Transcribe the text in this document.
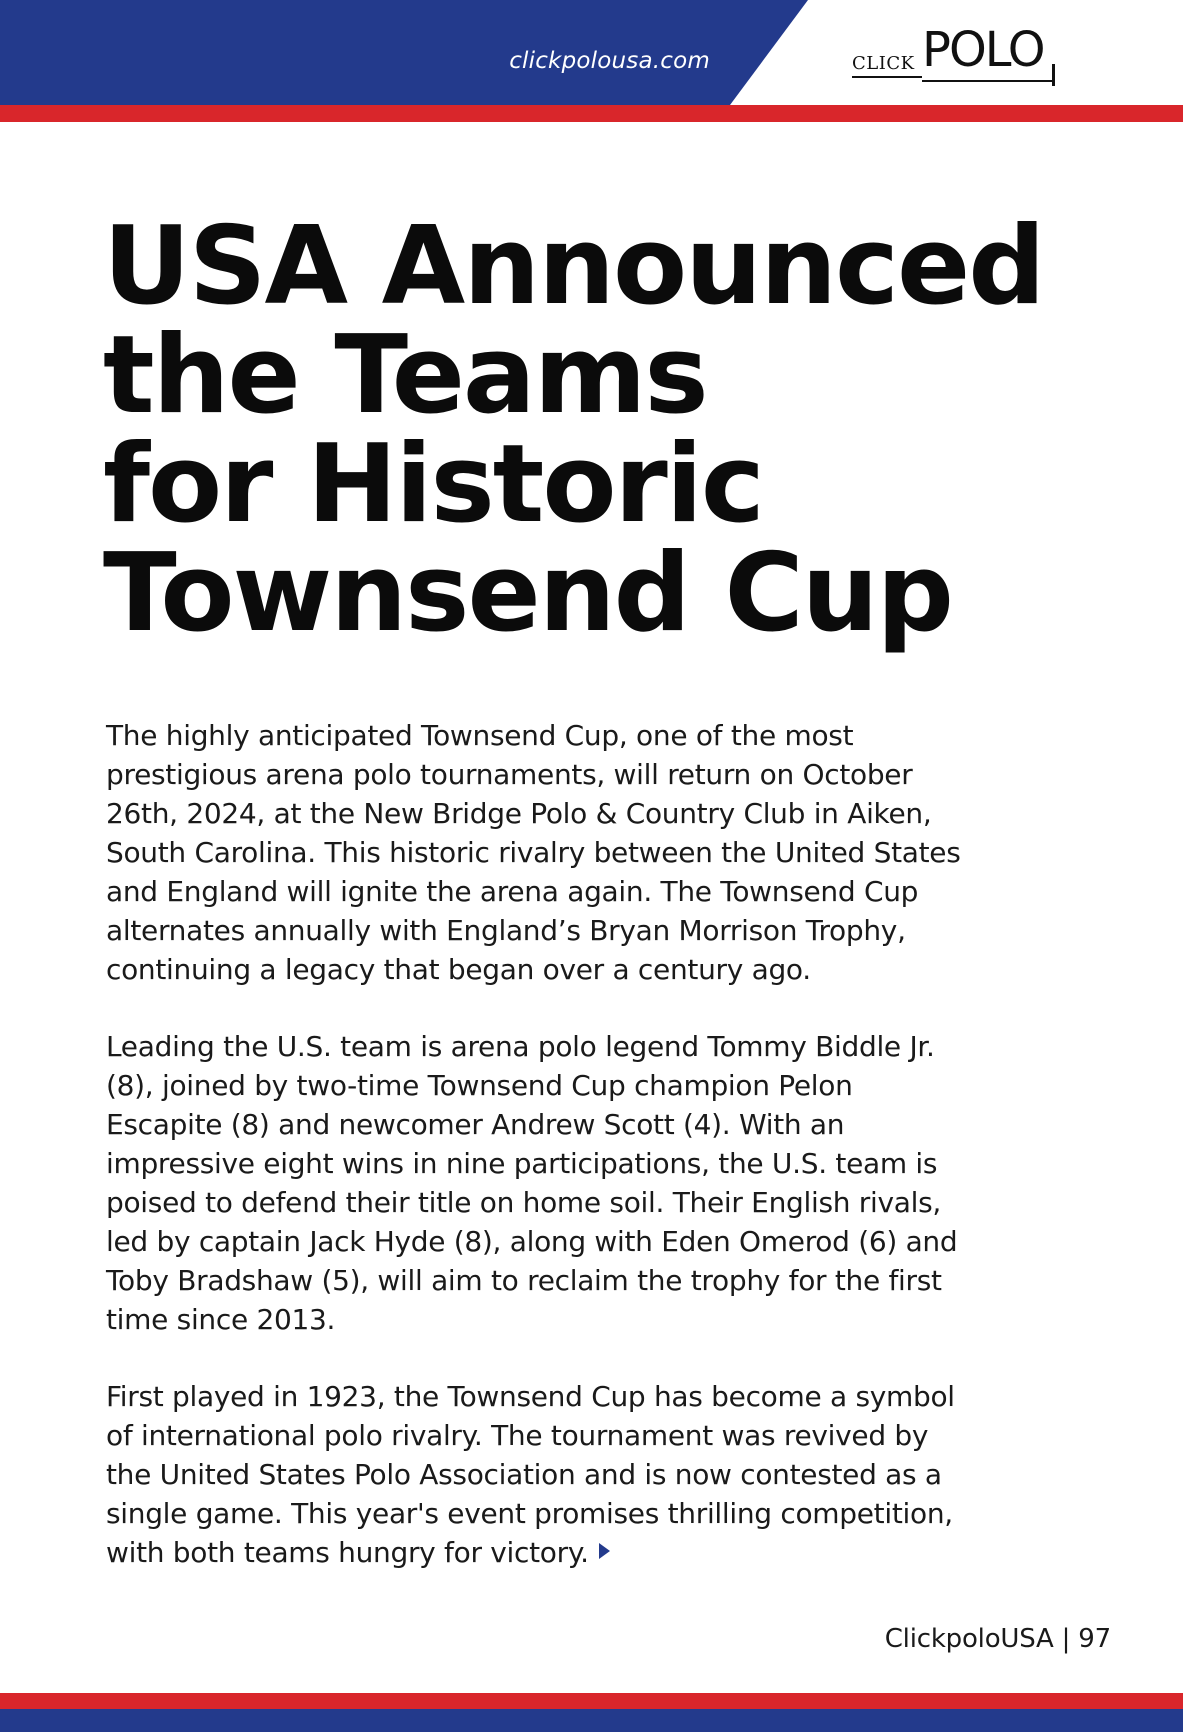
clickpolousa.com	CLICK POLO
USA Announced
the Teams
for Historic
Townsend Cup

The highly anticipated Townsend Cup, one of the most
prestigious arena polo tournaments, will return on October
26th, 2024, at the New Bridge Polo & Country Club in Aiken,
South Carolina. This historic rivalry between the United States
and England will ignite the arena again. The Townsend Cup
alternates annually with England’s Bryan Morrison Trophy,
continuing a legacy that began over a century ago.

Leading the U.S. team is arena polo legend Tommy Biddle Jr.
(8), joined by two-time Townsend Cup champion Pelon
Escapite (8) and newcomer Andrew Scott (4). With an
impressive eight wins in nine participations, the U.S. team is
poised to defend their title on home soil. Their English rivals,
led by captain Jack Hyde (8), along with Eden Omerod (6) and
Toby Bradshaw (5), will aim to reclaim the trophy for the first
time since 2013.

First played in 1923, the Townsend Cup has become a symbol
of international polo rivalry. The tournament was revived by
the United States Polo Association and is now contested as a
single game. This year's event promises thrilling competition,
with both teams hungry for victory.

ClickpoloUSA | 97
